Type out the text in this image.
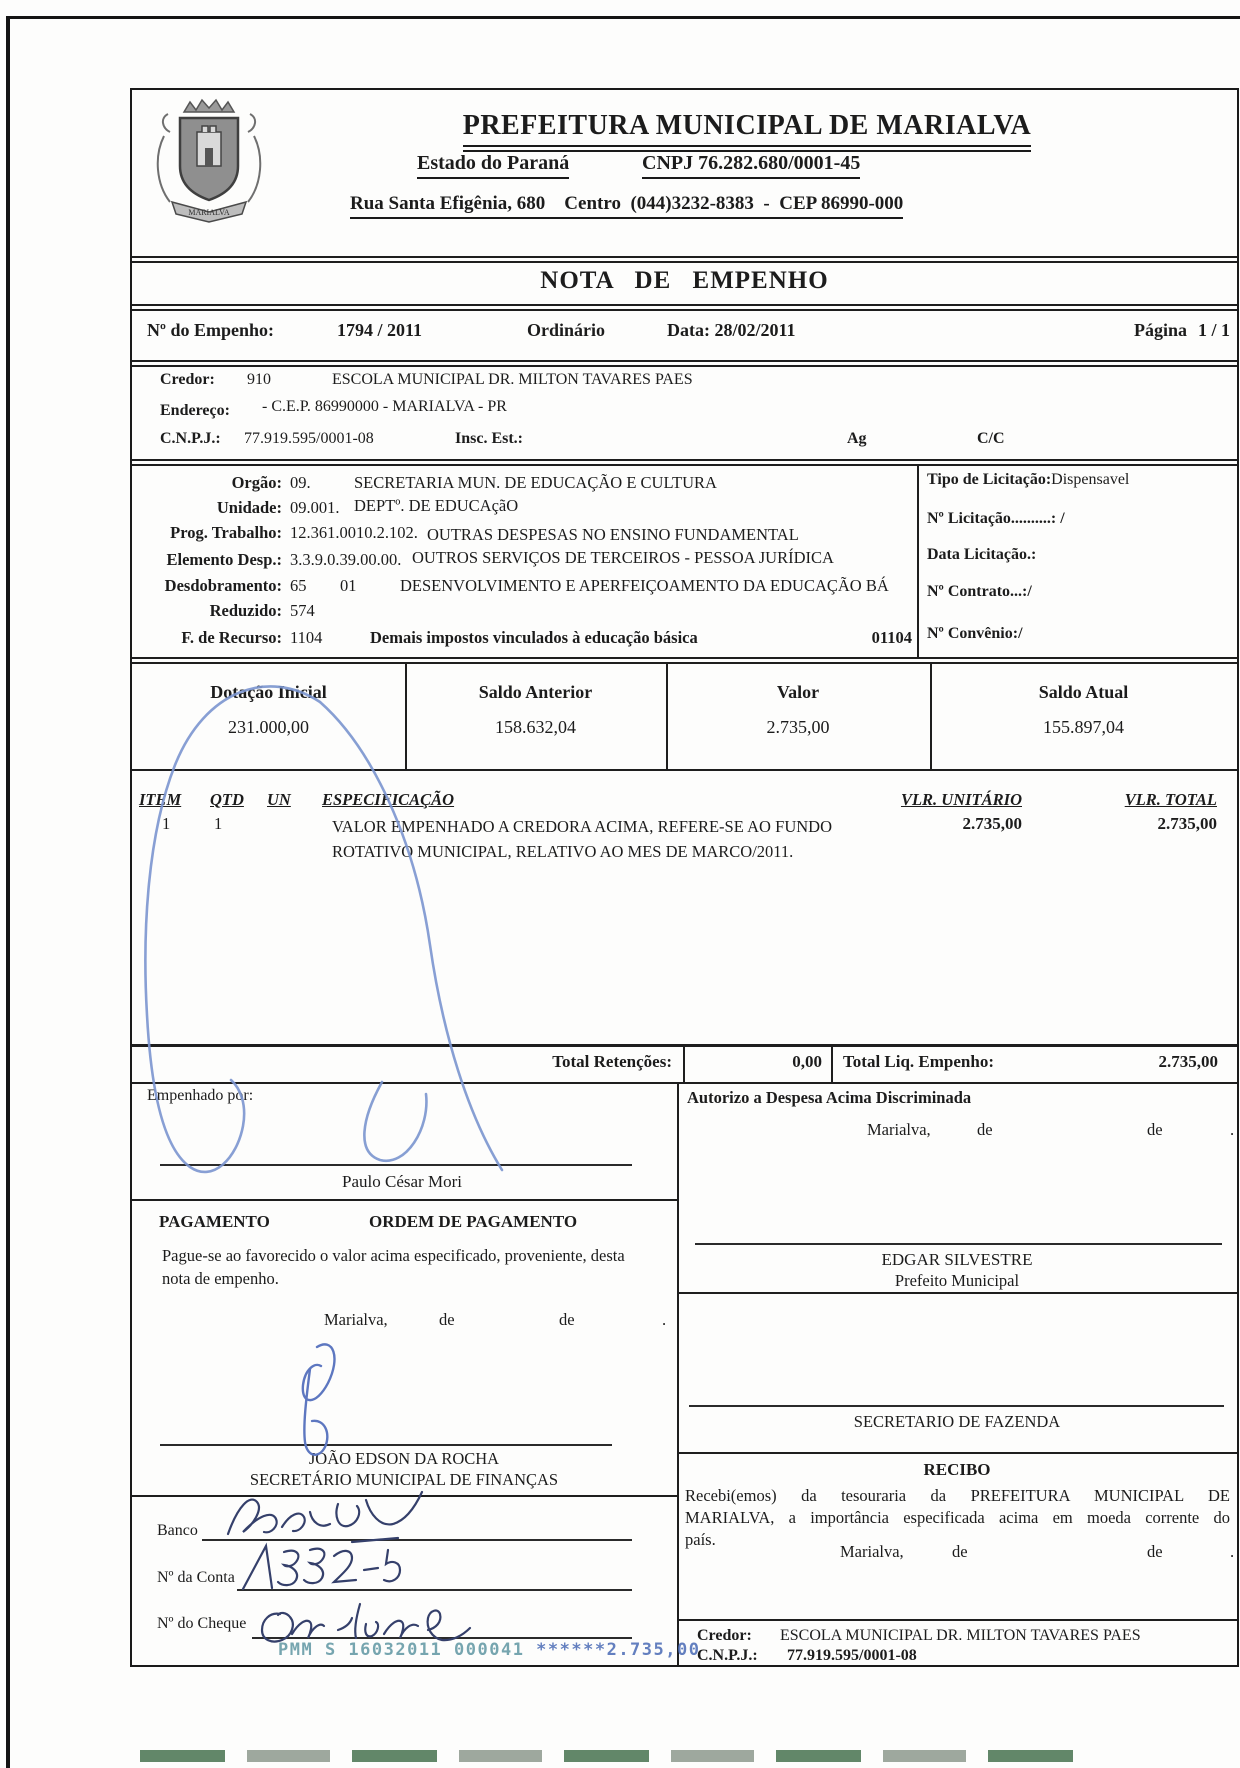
MARIALVA
PREFEITURA MUNICIPAL DE MARIALVA
Estado do Paraná	CNPJ 76.282.680/0001-45
Rua Santa Efigênia, 680    Centro  (044)3232-8383  -  CEP 86990-000
NOTA DE EMPENHO
Nº do Empenho:	1794 / 2011	Ordinário	Data: 28/02/2011	Página 1 / 1
Credor: 910	ESCOLA MUNICIPAL DR. MILTON TAVARES PAES
Endereço: - C.E.P. 86990000 - MARIALVA - PR
C.N.P.J.: 77.919.595/0001-08	Insc. Est.:	Ag	C/C
Orgão: 09.	SECRETARIA MUN. DE EDUCAÇÃO E CULTURA
Unidade: 09.001. DEPTº. DE EDUCAçãO
Prog. Trabalho: 12.361.0010.2.102. OUTRAS DESPESAS NO ENSINO FUNDAMENTAL
Elemento Desp.: 3.3.9.0.39.00.00. OUTROS SERVIÇOS DE TERCEIROS - PESSOA JURÍDICA
Desdobramento: 65 01	DESENVOLVIMENTO E APERFEIÇOAMENTO DA EDUCAÇÃO BÁ
Reduzido: 574
F. de Recurso: 1104	Demais impostos vinculados à educação básica	01104
Tipo de Licitação:Dispensavel
Nº Licitação..........: /
Data Licitação.:
Nº Contrato...:/
Nº Convênio:/
Dotação Inicial	Saldo Anterior	Valor	Saldo Atual
231.000,00	158.632,04	2.735,00	155.897,04
ITEM QTD UN ESPECIFICAÇÃO	VLR. UNITÁRIO	VLR. TOTAL
1	1	VALOR EMPENHADO A CREDORA ACIMA, REFERE-SE AO FUNDO
ROTATIVO MUNICIPAL, RELATIVO AO MES DE MARCO/2011.
2.735,00	2.735,00
Total Retenções:	0,00 Total Liq. Empenho:	2.735,00
Empenhado por:
Paulo César Mori
PAGAMENTO	ORDEM DE PAGAMENTO
Pague-se ao favorecido o valor acima especificado, proveniente, desta
nota de empenho.
Marialva,	de	de	.
JOÃO EDSON DA ROCHA
SECRETÁRIO MUNICIPAL DE FINANÇAS
Banco
Nº da Conta
Nº do Cheque
Autorizo a Despesa Acima Discriminada
Marialva,	de	de	.
EDGAR SILVESTRE
Prefeito Municipal
SECRETARIO DE FAZENDA
RECIBO
Recebi(emos) da tesouraria da PREFEITURA MUNICIPAL DE
MARIALVA, a importância especificada acima em moeda corrente do
país.
Marialva,	de	de	.
Credor: ESCOLA MUNICIPAL DR. MILTON TAVARES PAES
C.N.P.J.: 77.919.595/0001-08
PMM S 16032011 000041 ******2.735,00
